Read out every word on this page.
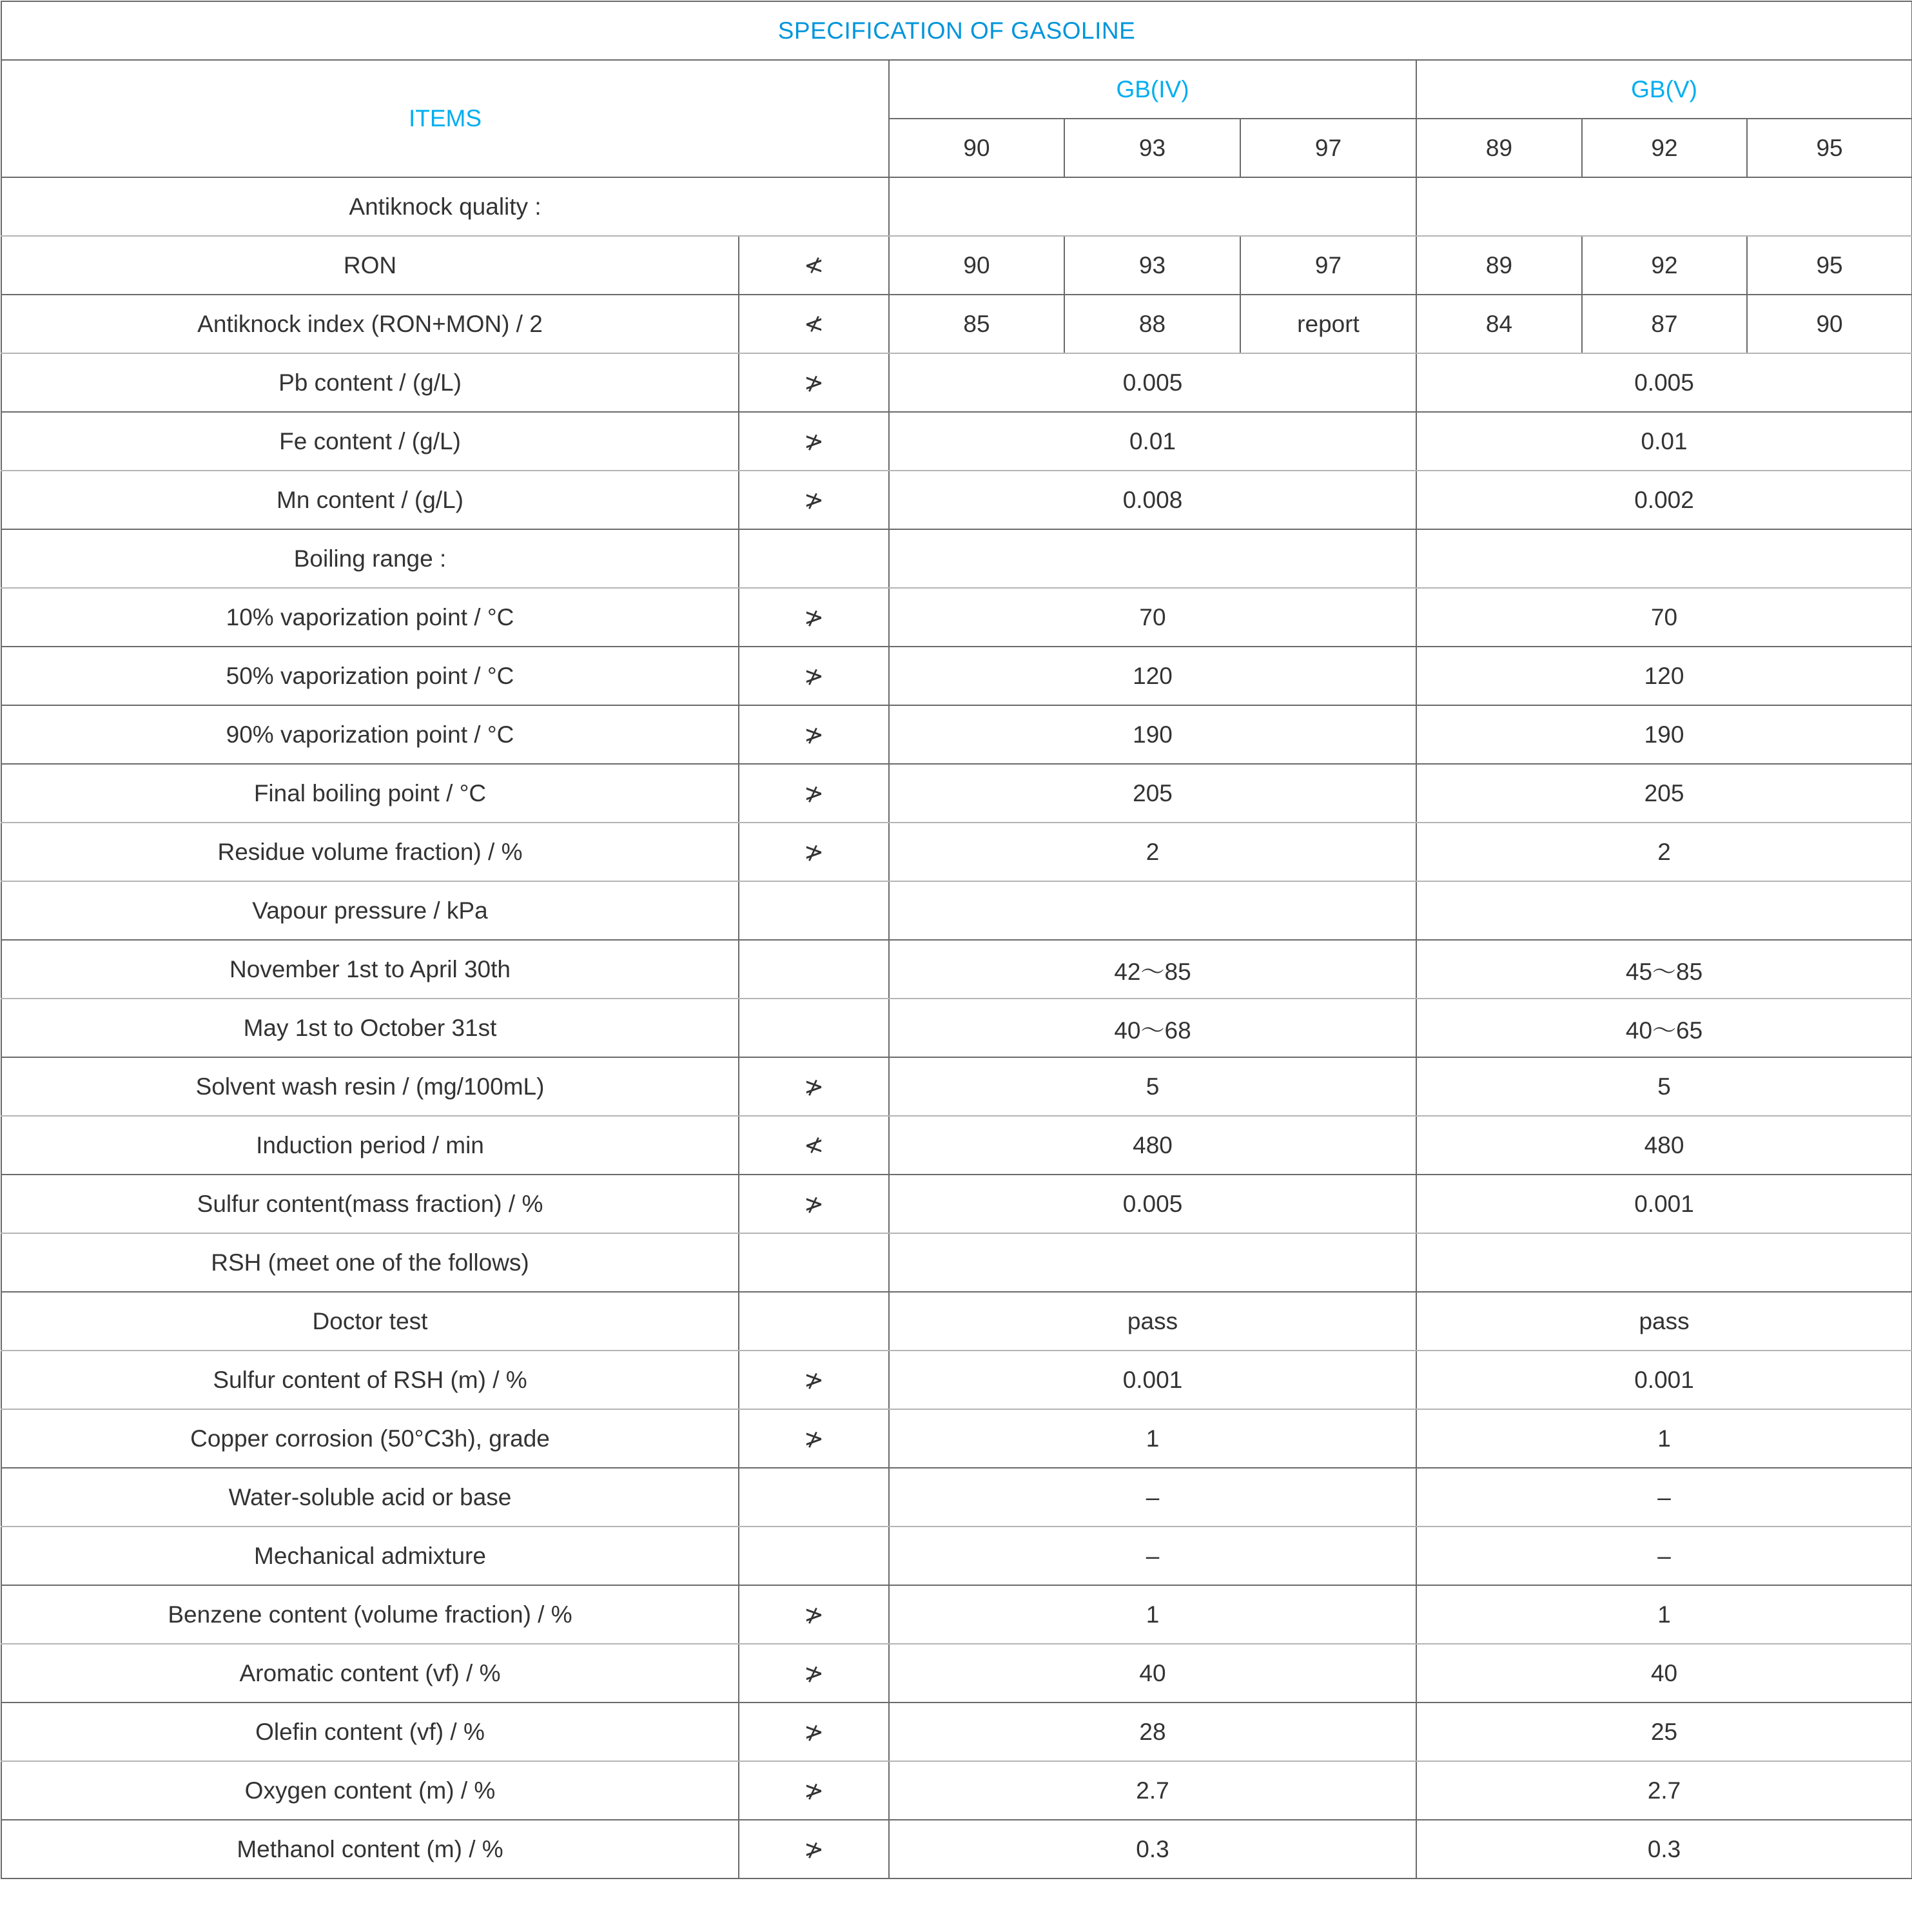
SPECIFICATION OF GASOLINE							
ITEMS		GB(IV)			GB(V)		
		90	93	97	89	92	95
Antiknock quality :							
RON	≮	90	93	97	89	92	95
Antiknock index (RON+MON) / 2	≮	85	88	report	84	87	90
Pb content / (g/L)	≯	0.005			0.005		
Fe content / (g/L)	≯	0.01			0.01		
Mn content / (g/L)	≯	0.008			0.002		
Boiling range :							
10% vaporization point / °C	≯	70			70		
50% vaporization point / °C	≯	120			120		
90% vaporization point / °C	≯	190			190		
Final boiling point / °C	≯	205			205		
Residue volume fraction) / %	≯	2			2		
Vapour pressure / kPa							
November 1st to April 30th		42～85			45～85		
May 1st to October 31st		40～68			40～65		
Solvent wash resin / (mg/100mL)	≯	5			5		
Induction period / min	≮	480			480		
Sulfur content(mass fraction) / %	≯	0.005			0.001		
RSH (meet one of the follows)							
Doctor test		pass			pass		
Sulfur content of RSH (m) / %	≯	0.001			0.001		
Copper corrosion (50°C3h), grade	≯	1			1		
Water-soluble acid or base		–			–		
Mechanical admixture		–			–		
Benzene content (volume fraction) / %	≯	1			1		
Aromatic content (vf) / %	≯	40			40		
Olefin content (vf) / %	≯	28			25		
Oxygen content (m) / %	≯	2.7			2.7		
Methanol content (m) / %	≯	0.3			0.3		
